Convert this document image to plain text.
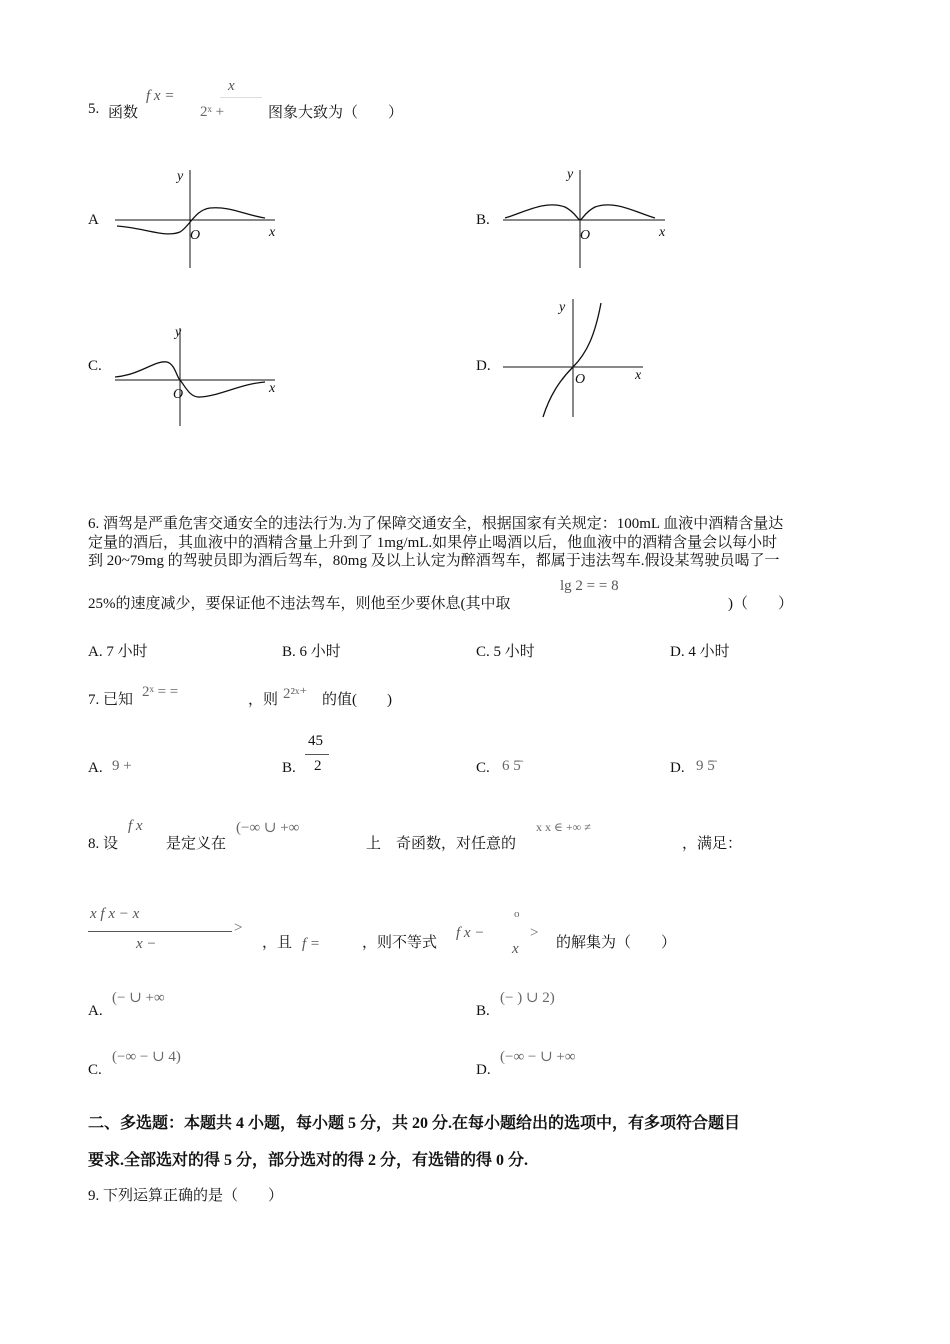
5. 函数
f x =
x
2ˣ +	图象大致为（　　）
A
y
x
O
B.
y
x
O
C.
y
x
O
D.
y
x
O
6. 酒驾是严重危害交通安全的违法行为.为了保障交通安全，根据国家有关规定：100mL 血液中酒精含量达
到 20~79mg 的驾驶员即为酒后驾车，80mg 及以上认定为醉酒驾车，都属于违法驾车.假设某驾驶员喝了一
定量的酒后，其血液中的酒精含量上升到了 1mg/mL.如果停止喝酒以后，他血液中的酒精含量会以每小时
25%的速度减少，要保证他不违法驾车，则他至少要休息(其中取
lg 2 = = 8
)（　　）
A. 7 小时	B. 6 小时	C. 5 小时	D. 4 小时
7. 已知 2ˣ = =	，则 2²ˣ⁺ 的值(　　)
A. 9 +	B.
45
2	C. 6 5̄	D. 9 5̄
8. 设
f x
是定义在
(−∞ ∪ +∞
上　奇函数，对任意的
x x ∈ +∞ ≠
，满足：
x f x − x
x −
>
，且 f =	，则不等式
f x −
o
x
>
的解集为（　　）
A.
(− ∪ +∞
B.
(− ) ∪ 2)
C.
(−∞ − ∪ 4)
D.
(−∞ − ∪ +∞
二、多选题：本题共 4 小题，每小题 5 分，共 20 分.在每小题给出的选项中，有多项符合题目
要求.全部选对的得 5 分，部分选对的得 2 分，有选错的得 0 分.
9. 下列运算正确的是（　　）
